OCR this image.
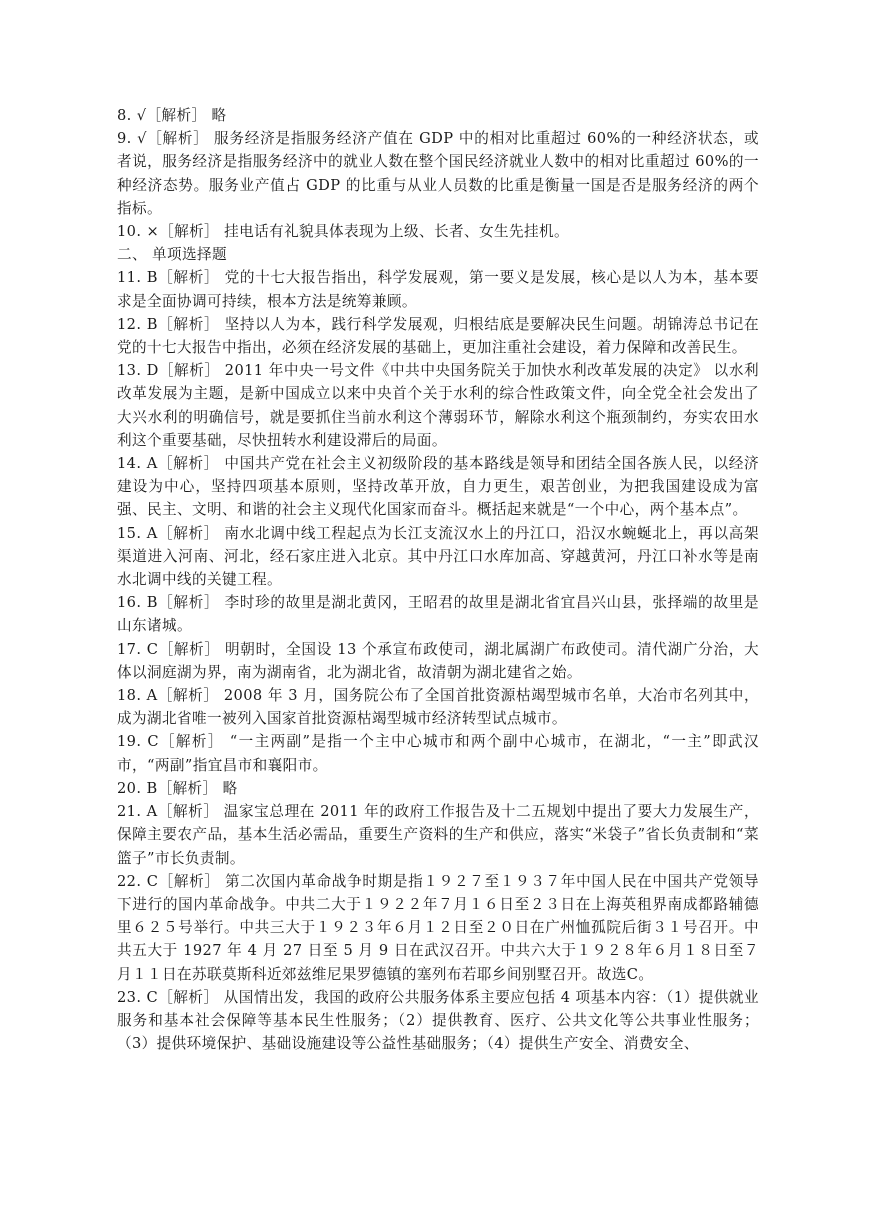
8. √［解析］ 略

9. √［解析］ 服务经济是指服务经济产值在 GDP 中的相对比重超过 60%的一种经济状态，或者说，服务经济是指服务经济中的就业人数在整个国民经济就业人数中的相对比重超过 60%的一种经济态势。服务业产值占 GDP 的比重与从业人员数的比重是衡量一国是否是服务经济的两个指标。

10. ×［解析］ 挂电话有礼貌具体表现为上级、长者、女生先挂机。

二、 单项选择题

11. B［解析］ 党的十七大报告指出，科学发展观，第一要义是发展，核心是以人为本，基本要求是全面协调可持续，根本方法是统筹兼顾。

12. B［解析］ 坚持以人为本，践行科学发展观，归根结底是要解决民生问题。胡锦涛总书记在党的十七大报告中指出，必须在经济发展的基础上，更加注重社会建设，着力保障和改善民生。

13. D［解析］ 2011 年中央一号文件《中共中央国务院关于加快水利改革发展的决定》 以水利改革发展为主题，是新中国成立以来中央首个关于水利的综合性政策文件，向全党全社会发出了大兴水利的明确信号，就是要抓住当前水利这个薄弱环节，解除水利这个瓶颈制约，夯实农田水利这个重要基础，尽快扭转水利建设滞后的局面。

14. A［解析］ 中国共产党在社会主义初级阶段的基本路线是领导和团结全国各族人民，以经济建设为中心，坚持四项基本原则，坚持改革开放，自力更生，艰苦创业，为把我国建设成为富强、民主、文明、和谐的社会主义现代化国家而奋斗。概括起来就是“一个中心，两个基本点”。

15. A［解析］ 南水北调中线工程起点为长江支流汉水上的丹江口，沿汉水蜿蜒北上，再以高架渠道进入河南、河北，经石家庄进入北京。其中丹江口水库加高、穿越黄河，丹江口补水等是南水北调中线的关键工程。

16. B［解析］ 李时珍的故里是湖北黄冈，王昭君的故里是湖北省宜昌兴山县，张择端的故里是山东诸城。

17. C［解析］ 明朝时，全国设 13 个承宣布政使司，湖北属湖广布政使司。清代湖广分治，大体以洞庭湖为界，南为湖南省，北为湖北省，故清朝为湖北建省之始。

18. A［解析］ 2008 年 3 月，国务院公布了全国首批资源枯竭型城市名单，大冶市名列其中，成为湖北省唯一被列入国家首批资源枯竭型城市经济转型试点城市。

19. C［解析］ “一主两副”是指一个主中心城市和两个副中心城市，在湖北，“一主”即武汉市，“两副”指宜昌市和襄阳市。

20. B［解析］ 略

21. A［解析］ 温家宝总理在 2011 年的政府工作报告及十二五规划中提出了要大力发展生产，保障主要农产品，基本生活必需品，重要生产资料的生产和供应，落实“米袋子”省长负责制和“菜篮子”市长负责制。

22. C［解析］ 第二次国内革命战争时期是指１９２７至１９３７年中国人民在中国共产党领导下进行的国内革命战争。中共二大于１９２２年７月１６日至２３日在上海英租界南成都路辅德里６２５号举行。中共三大于１９２３年６月１２日至２０日在广州恤孤院后街３１号召开。中共五大于 1927 年 4 月 27 日至 5 月 9 日在武汉召开。中共六大于１９２８年６月１８日至７月１１日在苏联莫斯科近郊兹维尼果罗德镇的塞列布若耶乡间别墅召开。故选C。

23. C［解析］ 从国情出发，我国的政府公共服务体系主要应包括 4 项基本内容：（1）提供就业服务和基本社会保障等基本民生性服务；（2）提供教育、医疗、公共文化等公共事业性服务；（3）提供环境保护、基础设施建设等公益性基础服务；（4）提供生产安全、消费安全、
